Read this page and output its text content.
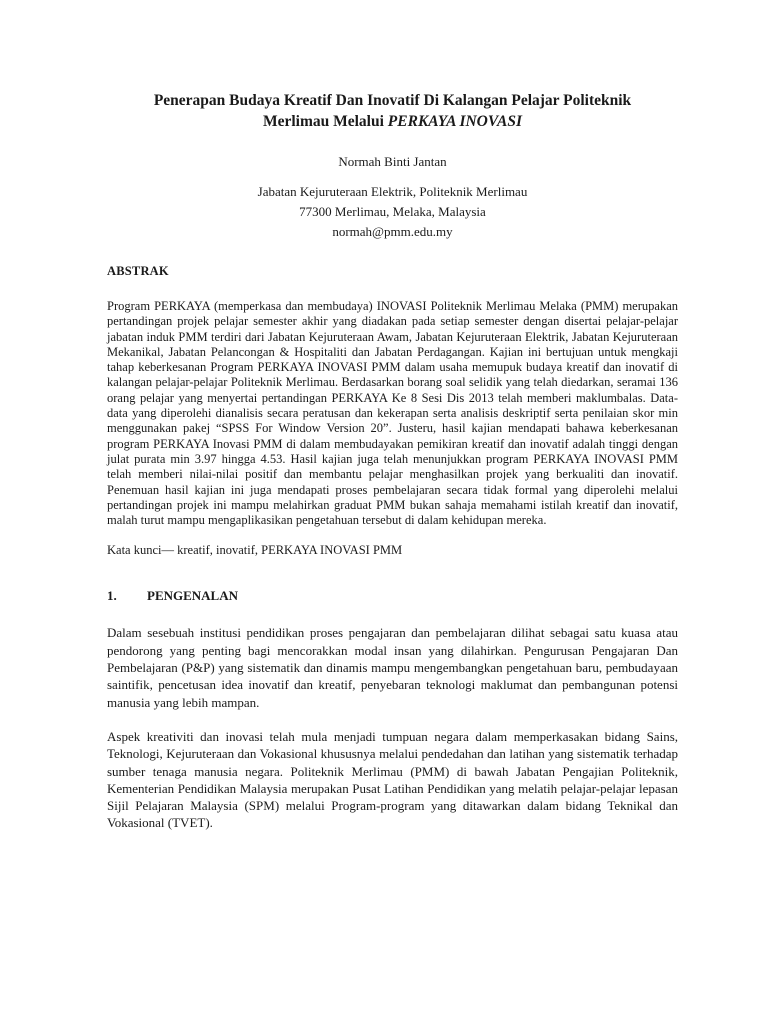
Penerapan Budaya Kreatif Dan Inovatif Di Kalangan Pelajar Politeknik
Merlimau Melalui PERKAYA INOVASI
Normah Binti Jantan
Jabatan Kejuruteraan Elektrik, Politeknik Merlimau
77300 Merlimau, Melaka, Malaysia
normah@pmm.edu.my
ABSTRAK

Program PERKAYA (memperkasa dan membudaya) INOVASI Politeknik Merlimau Melaka (PMM) merupakan pertandingan projek pelajar semester akhir yang diadakan pada setiap semester dengan disertai pelajar-pelajar jabatan induk PMM terdiri dari Jabatan Kejuruteraan Awam, Jabatan Kejuruteraan Elektrik, Jabatan Kejuruteraan Mekanikal, Jabatan Pelancongan & Hospitaliti dan Jabatan Perdagangan. Kajian ini bertujuan untuk mengkaji tahap keberkesanan Program PERKAYA INOVASI PMM dalam usaha memupuk budaya kreatif dan inovatif di kalangan pelajar-pelajar Politeknik Merlimau. Berdasarkan borang soal selidik yang telah diedarkan, seramai 136 orang pelajar yang menyertai pertandingan PERKAYA Ke 8 Sesi Dis 2013 telah memberi maklumbalas. Data-data yang diperolehi dianalisis secara peratusan dan kekerapan serta analisis deskriptif serta penilaian skor min menggunakan pakej “SPSS For Window Version 20”. Justeru, hasil kajian mendapati bahawa keberkesanan program PERKAYA Inovasi PMM di dalam membudayakan pemikiran kreatif dan inovatif adalah tinggi dengan julat purata min 3.97 hingga 4.53. Hasil kajian juga telah menunjukkan program PERKAYA INOVASI PMM telah memberi nilai-nilai positif dan membantu pelajar menghasilkan projek yang berkualiti dan inovatif. Penemuan hasil kajian ini juga mendapati proses pembelajaran secara tidak formal yang diperolehi melalui pertandingan projek ini mampu melahirkan graduat PMM bukan sahaja memahami istilah kreatif dan inovatif, malah turut mampu mengaplikasikan pengetahuan tersebut di dalam kehidupan mereka.

Kata kunci— kreatif, inovatif, PERKAYA INOVASI PMM

1.	PENGENALAN

Dalam sesebuah institusi pendidikan proses pengajaran dan pembelajaran dilihat sebagai satu kuasa atau pendorong yang penting bagi mencorakkan modal insan yang dilahirkan. Pengurusan Pengajaran Dan Pembelajaran (P&P) yang sistematik dan dinamis mampu mengembangkan pengetahuan baru, pembudayaan saintifik, pencetusan idea inovatif dan kreatif, penyebaran teknologi maklumat dan pembangunan potensi manusia yang lebih mampan.

Aspek kreativiti dan inovasi telah mula menjadi tumpuan negara dalam memperkasakan bidang Sains, Teknologi, Kejuruteraan dan Vokasional khususnya melalui pendedahan dan latihan yang sistematik terhadap sumber tenaga manusia negara. Politeknik Merlimau (PMM) di bawah Jabatan Pengajian Politeknik, Kementerian Pendidikan Malaysia merupakan Pusat Latihan Pendidikan yang melatih pelajar-pelajar lepasan Sijil Pelajaran Malaysia (SPM) melalui Program-program yang ditawarkan dalam bidang Teknikal dan Vokasional (TVET).
